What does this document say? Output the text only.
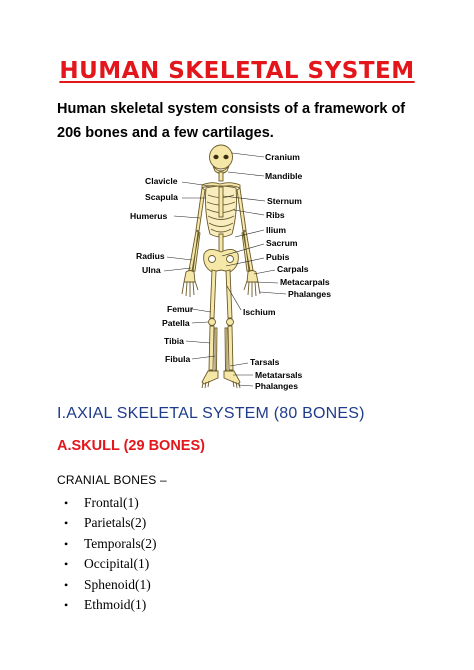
HUMAN SKELETAL SYSTEM
Human skeletal system consists of a framework of
206 bones and a few cartilages.
Cranium
Mandible
Clavicle
Scapula	Sternum
Humerus	Ribs
Ilium
Sacrum
Radius	Pubis
Carpals
Ulna
Metacarpals
Phalanges
Femur	Ischium
Patella
Tibia
Fibula	Tarsals
Metatarsals
Phalanges
I.AXIAL SKELETAL SYSTEM (80 BONES)
A.SKULL (29 BONES)
CRANIAL BONES –
• Frontal(1)
• Parietals(2)
• Temporals(2)
• Occipital(1)
• Sphenoid(1)
• Ethmoid(1)
